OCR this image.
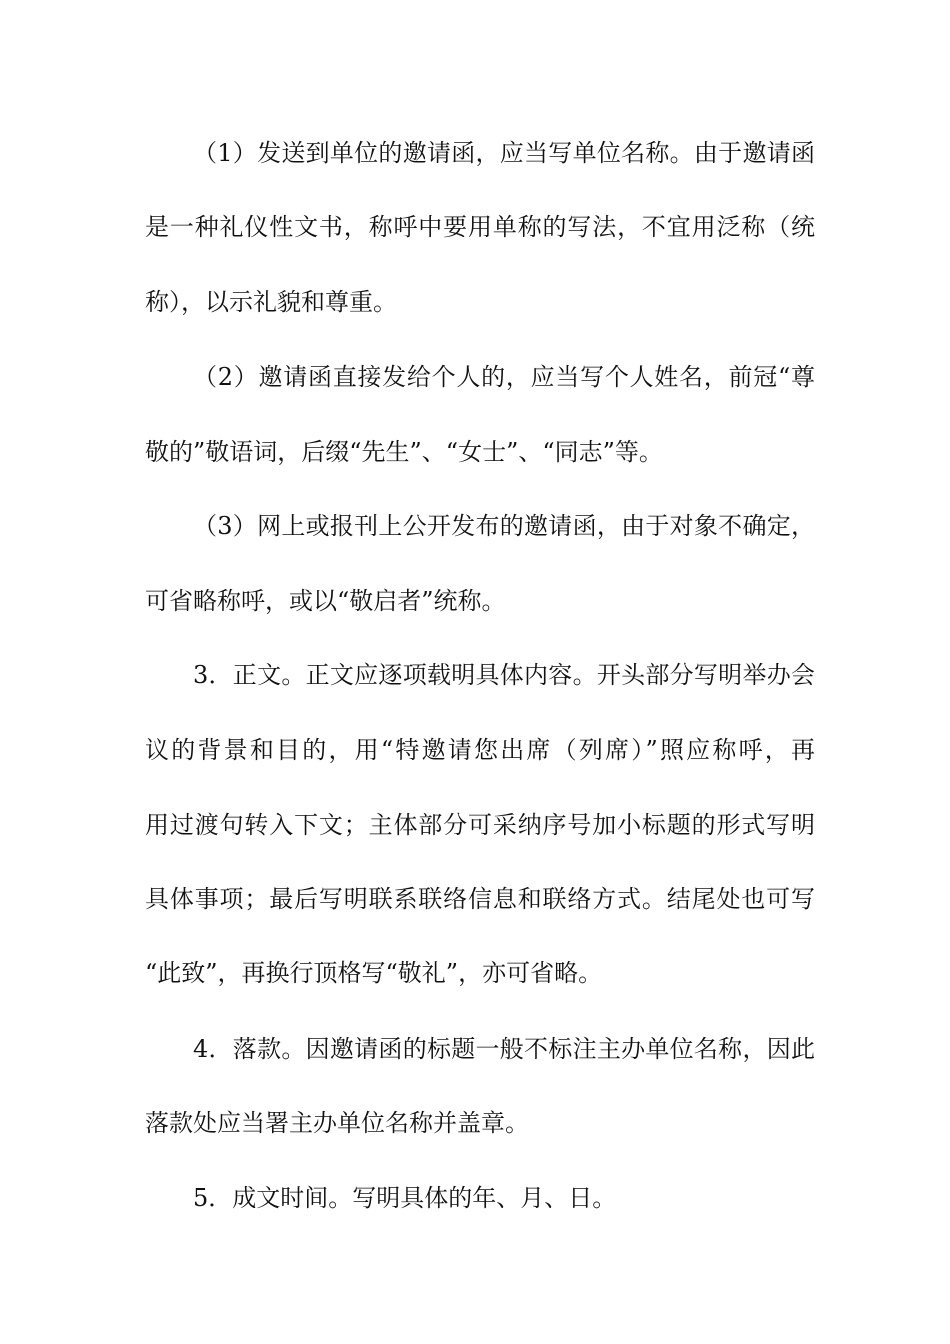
（1）发送到单位的邀请函，应当写单位名称。由于邀请函
是一种礼仪性文书，称呼中要用单称的写法，不宜用泛称（统
称），以示礼貌和尊重。
（2）邀请函直接发给个人的，应当写个人姓名，前冠“尊
敬的”敬语词，后缀“先生”、“女士”、“同志”等。
（3）网上或报刊上公开发布的邀请函，由于对象不确定，
可省略称呼，或以“敬启者”统称。
3．正文。正文应逐项载明具体内容。开头部分写明举办会
议的背景和目的，用“特邀请您出席（列席）”照应称呼，再
用过渡句转入下文；主体部分可采纳序号加小标题的形式写明
具体事项；最后写明联系联络信息和联络方式。结尾处也可写
“此致”，再换行顶格写“敬礼”，亦可省略。
4．落款。因邀请函的标题一般不标注主办单位名称，因此
落款处应当署主办单位名称并盖章。
5．成文时间。写明具体的年、月、日。
